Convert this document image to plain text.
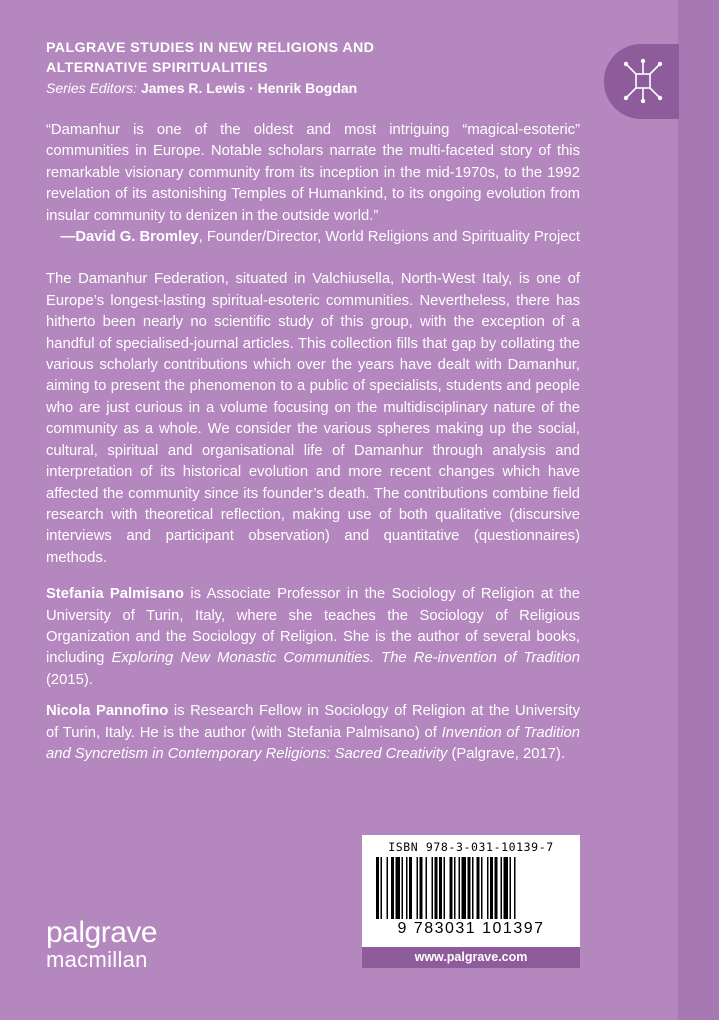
PALGRAVE STUDIES IN NEW RELIGIONS AND
ALTERNATIVE SPIRITUALITIES
Series Editors: James R. Lewis · Henrik Bogdan

“Damanhur is one of the oldest and most intriguing “magical-esoteric” communities in Europe. Notable scholars narrate the multi-faceted story of this remarkable visionary community from its inception in the mid-1970s, to the 1992 revelation of its astonishing Temples of Humankind, to its ongoing evolution from insular community to denizen in the outside world.”

—David G. Bromley, Founder/Director, World Religions and Spirituality Project

The Damanhur Federation, situated in Valchiusella, North-West Italy, is one of Europe’s longest-lasting spiritual-esoteric communities. Nevertheless, there has hitherto been nearly no scientific study of this group, with the exception of a handful of specialised-journal articles. This collection fills that gap by collating the various scholarly contributions which over the years have dealt with Damanhur, aiming to present the phenomenon to a public of specialists, students and people who are just curious in a volume focusing on the multidisciplinary nature of the community as a whole. We consider the various spheres making up the social, cultural, spiritual and organisational life of Damanhur through analysis and interpretation of its historical evolution and more recent changes which have affected the community since its founder’s death. The contributions combine field research with theoretical reflection, making use of both qualitative (discursive interviews and participant observation) and quantitative (questionnaires) methods.

Stefania Palmisano is Associate Professor in the Sociology of Religion at the University of Turin, Italy, where she teaches the Sociology of Religious Organization and the Sociology of Religion. She is the author of several books, including Exploring New Monastic Communities. The Re-invention of Tradition (2015).

Nicola Pannofino is Research Fellow in Sociology of Religion at the University of Turin, Italy. He is the author (with Stefania Palmisano) of Invention of Tradition and Syncretism in Contemporary Religions: Sacred Creativity (Palgrave, 2017).

ISBN 978-3-031-10139-7
9 783031 101397
www.palgrave.com
palgrave
macmillan
